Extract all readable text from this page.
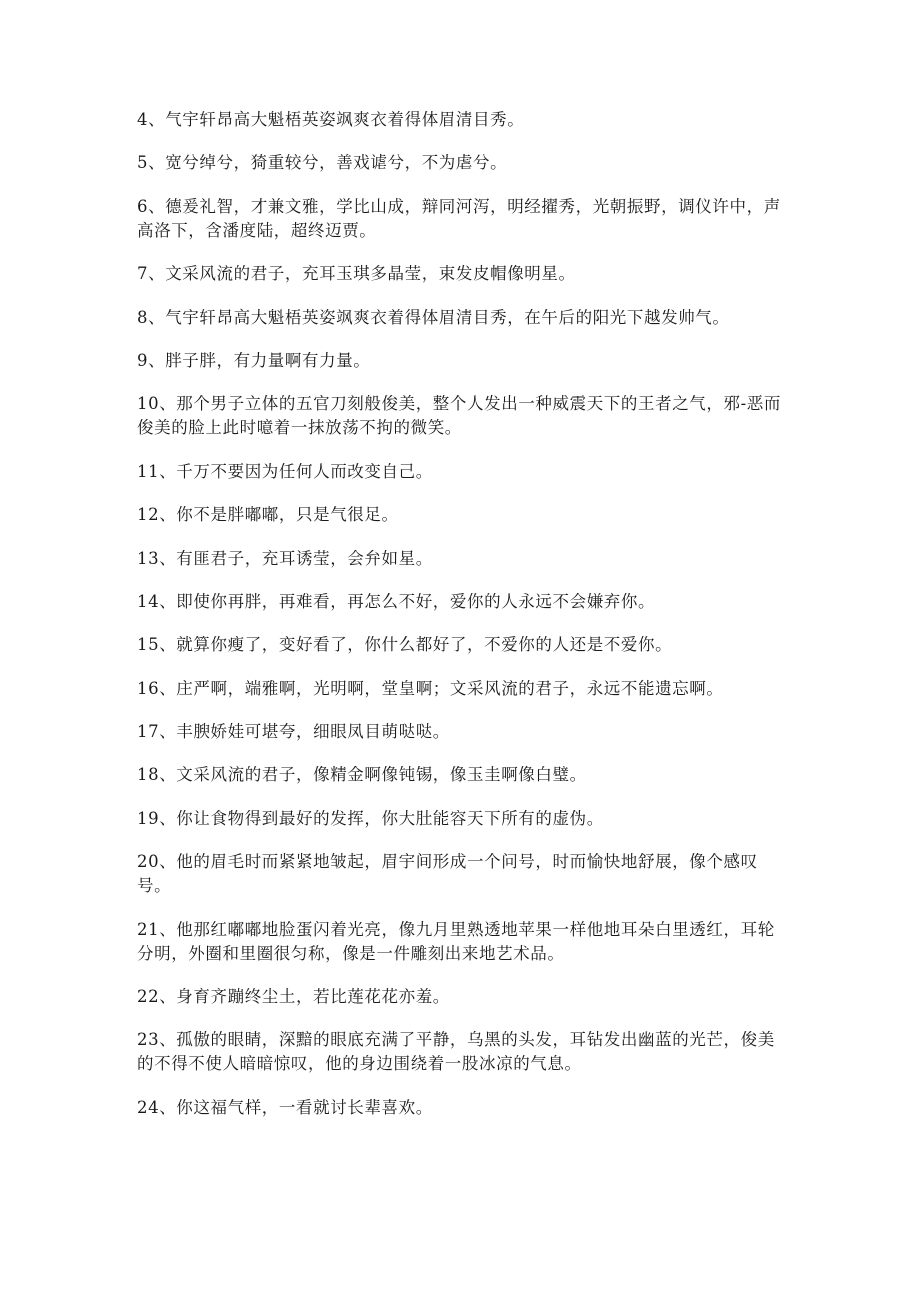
4、气宇轩昂高大魁梧英姿飒爽衣着得体眉清目秀。

5、宽兮绰兮，猗重较兮，善戏谑兮，不为虐兮。

6、德爰礼智，才兼文雅，学比山成，辩同河泻，明经擢秀，光朝振野，调仪许中，声高洛下，含潘度陆，超终迈贾。

7、文采风流的君子，充耳玉琪多晶莹，束发皮帽像明星。

8、气宇轩昂高大魁梧英姿飒爽衣着得体眉清目秀，在午后的阳光下越发帅气。

9、胖子胖，有力量啊有力量。

10、那个男子立体的五官刀刻般俊美，整个人发出一种威震天下的王者之气，邪-恶而俊美的脸上此时噫着一抹放荡不拘的微笑。

11、千万不要因为任何人而改变自己。

12、你不是胖嘟嘟，只是气很足。

13、有匪君子，充耳诱莹，会弁如星。

14、即使你再胖，再难看，再怎么不好，爱你的人永远不会嫌弃你。

15、就算你瘦了，变好看了，你什么都好了，不爱你的人还是不爱你。

16、庄严啊，端雅啊，光明啊，堂皇啊；文采风流的君子，永远不能遗忘啊。

17、丰腴娇娃可堪夸，细眼凤目萌哒哒。

18、文采风流的君子，像精金啊像钝锡，像玉圭啊像白璧。

19、你让食物得到最好的发挥，你大肚能容天下所有的虚伪。

20、他的眉毛时而紧紧地皱起，眉宇间形成一个问号，时而愉快地舒展，像个感叹号。

21、他那红嘟嘟地脸蛋闪着光亮，像九月里熟透地苹果一样他地耳朵白里透红，耳轮分明，外圈和里圈很匀称，像是一件雕刻出来地艺术品。

22、身育齐蹦终尘土，若比莲花花亦羞。

23、孤傲的眼睛，深黯的眼底充满了平静，乌黑的头发，耳钻发出幽蓝的光芒，俊美的不得不使人暗暗惊叹，他的身边围绕着一股冰凉的气息。

24、你这福气样，一看就讨长辈喜欢。
